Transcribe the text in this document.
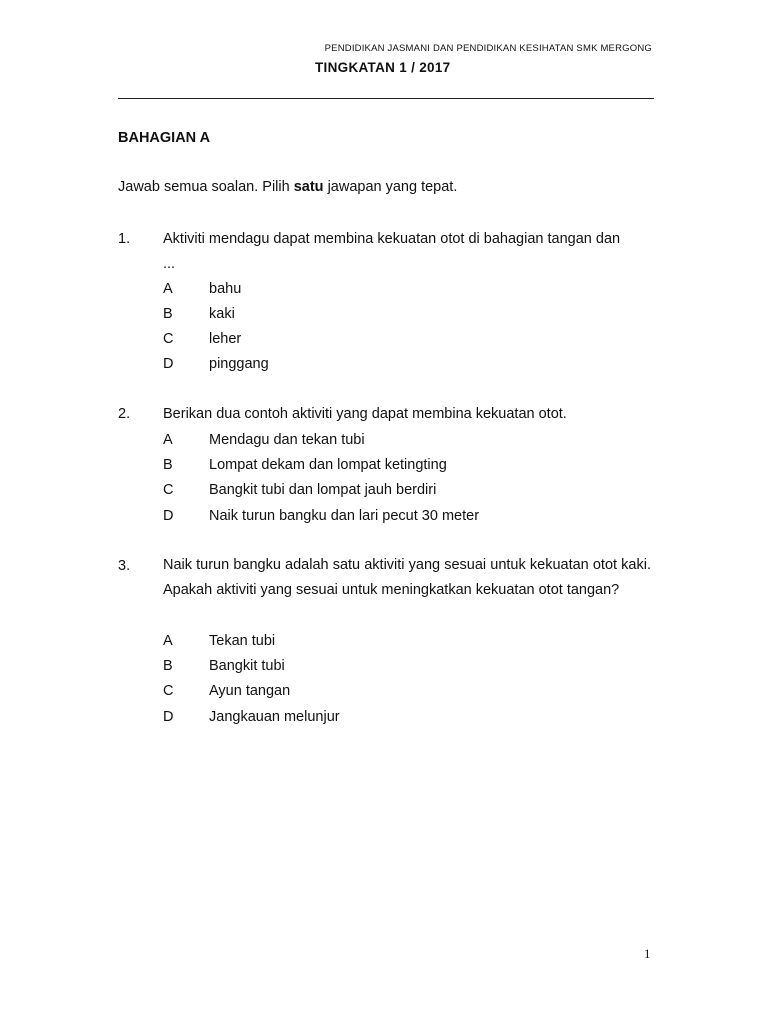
PENDIDIKAN JASMANI DAN PENDIDIKAN KESIHATAN SMK MERGONG
TINGKATAN 1 / 2017
BAHAGIAN A
Jawab semua soalan. Pilih satu jawapan yang tepat.
1. Aktiviti mendagu dapat membina kekuatan otot di bahagian tangan dan
...
A	bahu
B	kaki
C leher
D pinggang
2. Berikan dua contoh aktiviti yang dapat membina kekuatan otot.
A	Mendagu dan tekan tubi
B	Lompat dekam dan lompat ketingting
C Bangkit tubi dan lompat jauh berdiri
D Naik turun bangku dan lari pecut 30 meter
3. Naik turun bangku adalah satu aktiviti yang sesuai untuk kekuatan otot kaki. Apakah aktiviti yang sesuai untuk meningkatkan kekuatan otot tangan?
A	Tekan tubi
B	Bangkit tubi
C Ayun tangan
D Jangkauan melunjur
1
